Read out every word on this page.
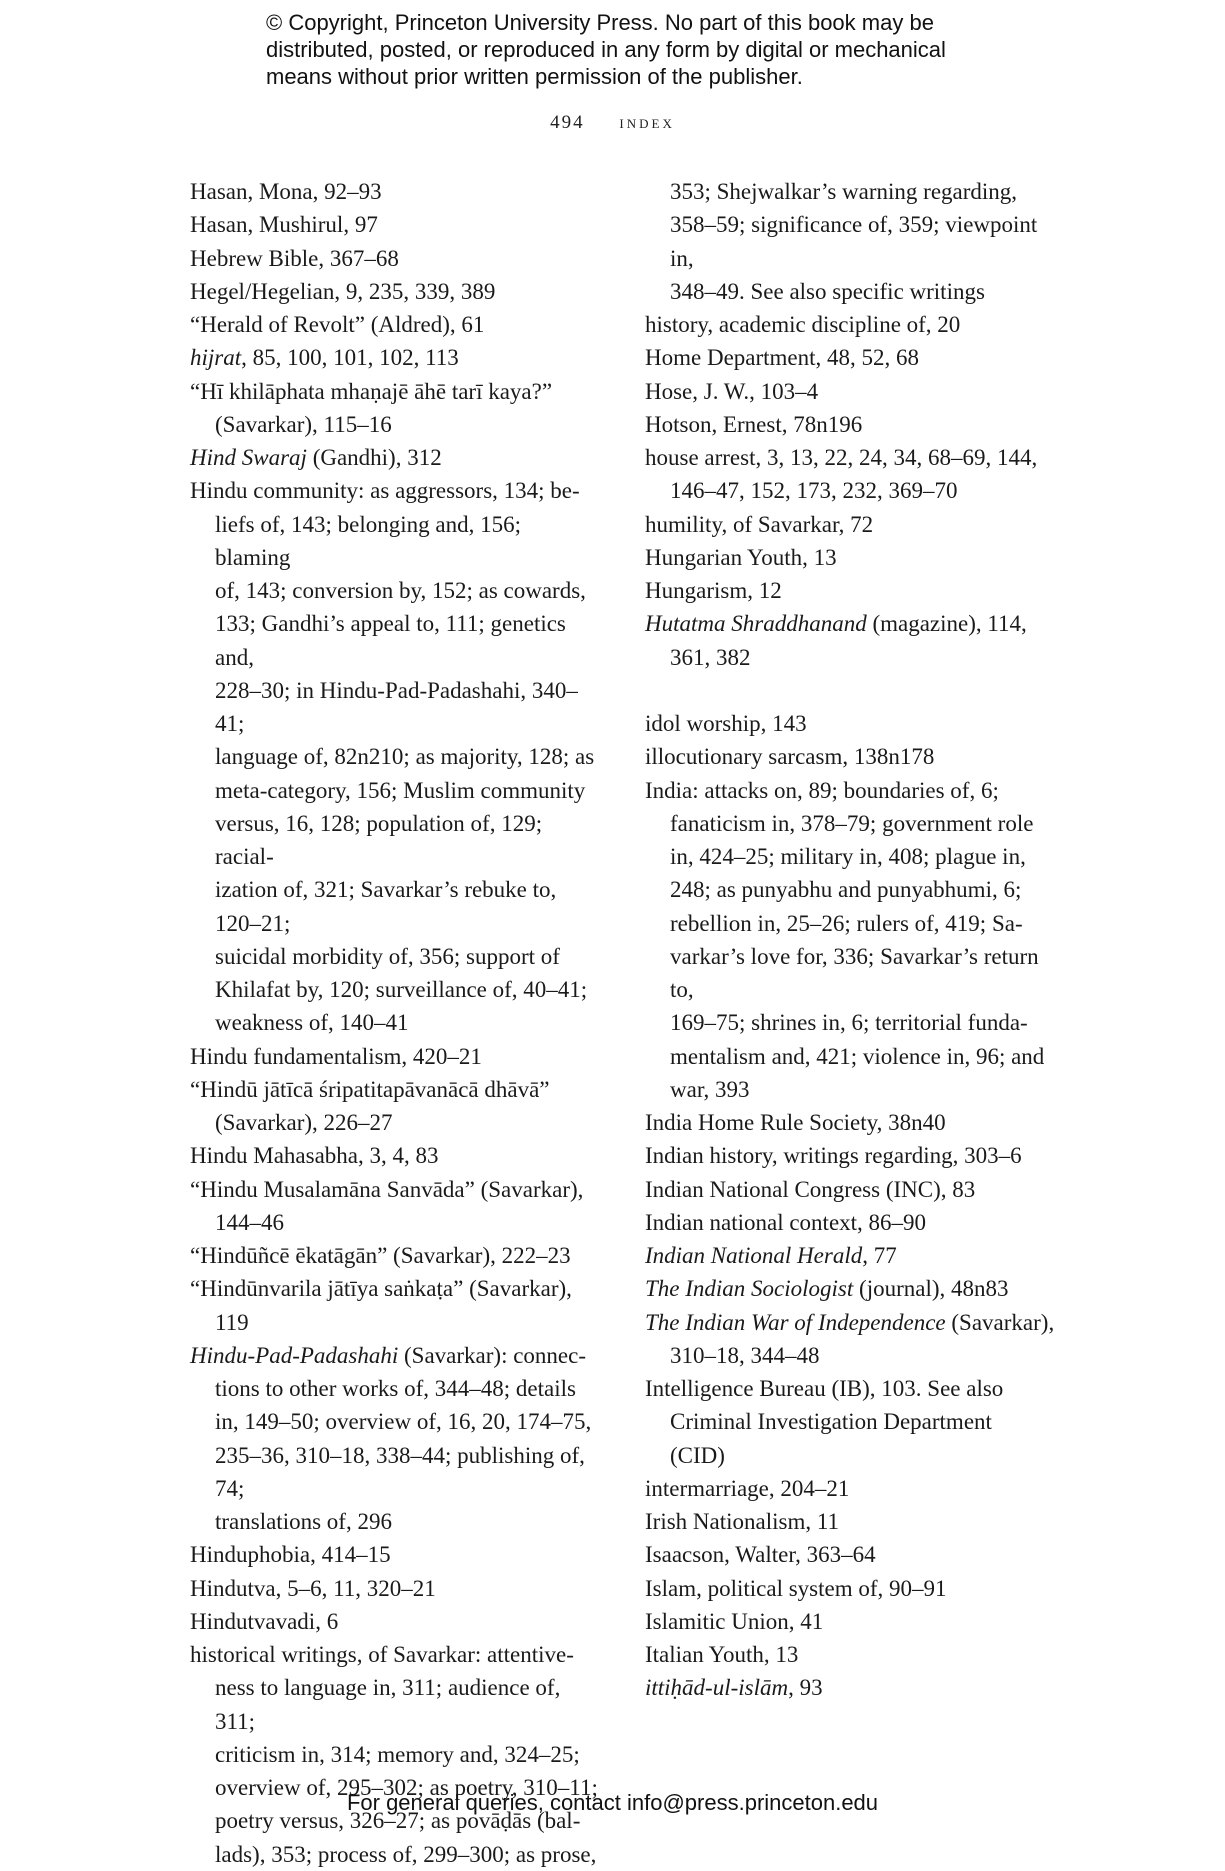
© Copyright, Princeton University Press. No part of this book may be
distributed, posted, or reproduced in any form by digital or mechanical
means without prior written permission of the publisher.
494 index
Hasan, Mona, 92–93
Hasan, Mushirul, 97
Hebrew Bible, 367–68
Hegel/Hegelian, 9, 235, 339, 389
“Herald of Revolt” (Aldred), 61
hijrat, 85, 100, 101, 102, 113
“Hī khilāphata mhaṇajē āhē tarī kaya?”
(Savarkar), 115–16
Hind Swaraj (Gandhi), 312
Hindu community: as aggressors, 134; be-
liefs of, 143; belonging and, 156; blaming
of, 143; conversion by, 152; as cowards,
133; Gandhi’s appeal to, 111; genetics and,
228–30; in Hindu-Pad-Padashahi, 340–41;
language of, 82n210; as majority, 128; as
meta-category, 156; Muslim community
versus, 16, 128; population of, 129; racial-
ization of, 321; Savarkar’s rebuke to, 120–21;
suicidal morbidity of, 356; support of
Khilafat by, 120; surveillance of, 40–41;
weakness of, 140–41
Hindu fundamentalism, 420–21
“Hindū jātīcā śripatitapāvanācā dhāvā”
(Savarkar), 226–27
Hindu Mahasabha, 3, 4, 83
“Hindu Musalamāna Sanvāda” (Savarkar),
144–46
“Hindūñcē ēkatāgān” (Savarkar), 222–23
“Hindūnvarila jātīya saṅkaṭa” (Savarkar),
119
Hindu-Pad-Padashahi (Savarkar): connec-
tions to other works of, 344–48; details
in, 149–50; overview of, 16, 20, 174–75,
235–36, 310–18, 338–44; publishing of, 74;
translations of, 296
Hinduphobia, 414–15
Hindutva, 5–6, 11, 320–21
Hindutvavadi, 6
historical writings, of Savarkar: attentive-
ness to language in, 311; audience of, 311;
criticism in, 314; memory and, 324–25;
overview of, 295–302; as poetry, 310–11;
poetry versus, 326–27; as povāḍās (bal-
lads), 353; process of, 299–300; as prose,
353; Shejwalkar’s warning regarding,
358–59; significance of, 359; viewpoint in,
348–49. See also specific writings
history, academic discipline of, 20
Home Department, 48, 52, 68
Hose, J. W., 103–4
Hotson, Ernest, 78n196
house arrest, 3, 13, 22, 24, 34, 68–69, 144,
146–47, 152, 173, 232, 369–70
humility, of Savarkar, 72
Hungarian Youth, 13
Hungarism, 12
Hutatma Shraddhanand (magazine), 114,
361, 382
idol worship, 143
illocutionary sarcasm, 138n178
India: attacks on, 89; boundaries of, 6;
fanaticism in, 378–79; government role
in, 424–25; military in, 408; plague in,
248; as punyabhu and punyabhumi, 6;
rebellion in, 25–26; rulers of, 419; Sa-
varkar’s love for, 336; Savarkar’s return to,
169–75; shrines in, 6; territorial funda-
mentalism and, 421; violence in, 96; and
war, 393
India Home Rule Society, 38n40
Indian history, writings regarding, 303–6
Indian National Congress (INC), 83
Indian national context, 86–90
Indian National Herald, 77
The Indian Sociologist (journal), 48n83
The Indian War of Independence (Savarkar),
310–18, 344–48
Intelligence Bureau (IB), 103. See also
Criminal Investigation Department
(CID)
intermarriage, 204–21
Irish Nationalism, 11
Isaacson, Walter, 363–64
Islam, political system of, 90–91
Islamitic Union, 41
Italian Youth, 13
ittiḥād-ul-islām, 93
For general queries, contact info@press.princeton.edu
